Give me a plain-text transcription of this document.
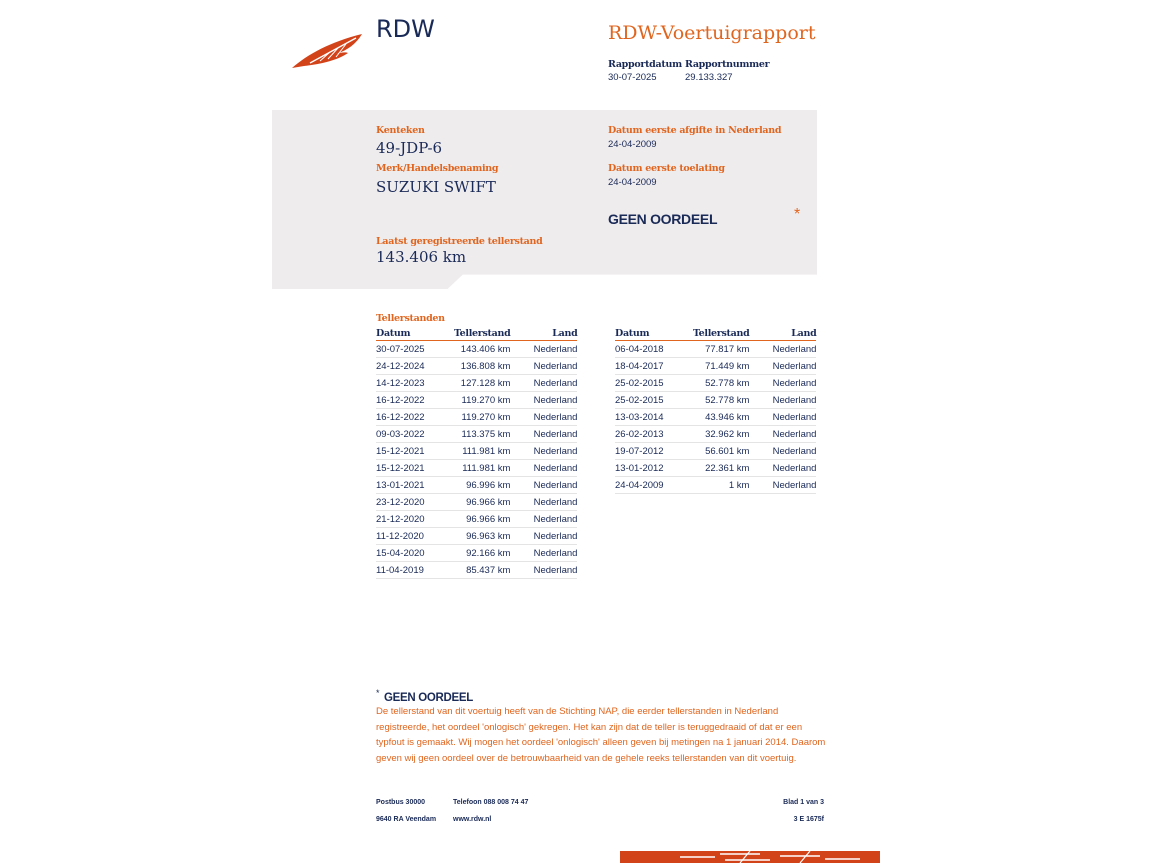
RDW	RDW-Voertuigrapport
Rapportdatum
30-07-2025
Rapportnummer
29.133.327
Kenteken
49-JDP-6
Merk/Handelsbenaming
SUZUKI SWIFT
Datum eerste afgifte in Nederland
24-04-2009
Datum eerste toelating
24-04-2009
GEEN OORDEEL	*
Laatst geregistreerde tellerstand
143.406 km
Tellerstanden
Datum	Tellerstand	Land
30-07-2025	143.406 km	Nederland
24-12-2024	136.808 km	Nederland
14-12-2023	127.128 km	Nederland
16-12-2022	119.270 km	Nederland
16-12-2022	119.270 km	Nederland
09-03-2022	113.375 km	Nederland
15-12-2021	111.981 km	Nederland
15-12-2021	111.981 km	Nederland
13-01-2021	96.996 km	Nederland
23-12-2020	96.966 km	Nederland
21-12-2020	96.966 km	Nederland
11-12-2020	96.963 km	Nederland
15-04-2020	92.166 km	Nederland
11-04-2019	85.437 km	Nederland
Datum	Tellerstand	Land
06-04-2018	77.817 km	Nederland
18-04-2017	71.449 km	Nederland
25-02-2015	52.778 km	Nederland
25-02-2015	52.778 km	Nederland
13-03-2014	43.946 km	Nederland
26-02-2013	32.962 km	Nederland
19-07-2012	56.601 km	Nederland
13-01-2012	22.361 km	Nederland
24-04-2009	1 km	Nederland
* GEEN OORDEEL
De tellerstand van dit voertuig heeft van de Stichting NAP, die eerder tellerstanden in Nederland registreerde, het oordeel 'onlogisch' gekregen. Het kan zijn dat de teller is teruggedraaid of dat er een typfout is gemaakt. Wij mogen het oordeel 'onlogisch' alleen geven bij metingen na 1 januari 2014. Daarom geven wij geen oordeel over de betrouwbaarheid van de gehele reeks tellerstanden van dit voertuig.
Postbus 30000
9640 RA Veendam
Telefoon 088 008 74 47
www.rdw.nl
Blad 1 van 3
3 E 1675f
